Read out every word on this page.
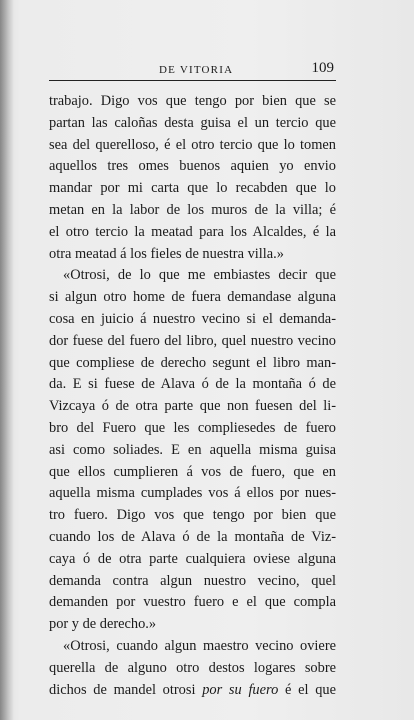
DE VITORIA	109
trabajo. Digo vos que tengo por bien que se
partan las caloñas desta guisa el un tercio que
sea del querelloso, é el otro tercio que lo tomen
aquellos tres omes buenos aquien yo envio
mandar por mi carta que lo recabden que lo
metan en la labor de los muros de la villa; é
el otro tercio la meatad para los Alcaldes, é la
otra meatad á los fieles de nuestra villa.»
«Otrosi, de lo que me embiastes decir que
si algun otro home de fuera demandase alguna
cosa en juicio á nuestro vecino si el demanda-
dor fuese del fuero del libro, quel nuestro vecino
que compliese de derecho segunt el libro man-
da. E si fuese de Alava ó de la montaña ó de
Vizcaya ó de otra parte que non fuesen del li-
bro del Fuero que les compliesedes de fuero
asi como soliades. E en aquella misma guisa
que ellos cumplieren á vos de fuero, que en
aquella misma cumplades vos á ellos por nues-
tro fuero. Digo vos que tengo por bien que
cuando los de Alava ó de la montaña de Viz-
caya ó de otra parte cualquiera oviese alguna
demanda contra algun nuestro vecino, quel
demanden por vuestro fuero e el que compla
por y de derecho.»
«Otrosi, cuando algun maestro vecino oviere
querella de alguno otro destos logares sobre
dichos de mandel otrosi por su fuero é el que
